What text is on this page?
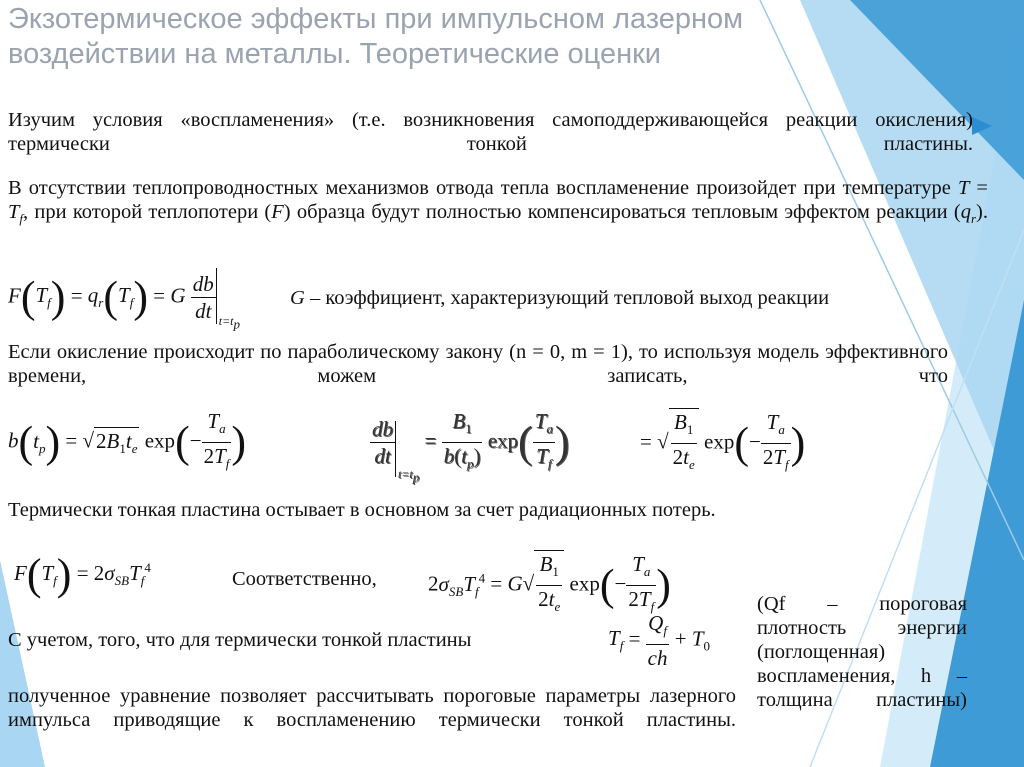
Экзотермическое эффекты при импульсном лазерном воздействии на металлы. Теоретические оценки
Изучим условия «воспламенения» (т.е. возникновения самоподдерживающейся реакции окисления) термически тонкой пластины.
В отсутствии теплопроводностных механизмов отвода тепла воспламенение произойдет при температуре $T = T_f$, при которой теплопотери (F) образца будут полностью компенсироваться тепловым эффектом реакции $(q_r)$.
$F(T_f) = q_r(T_f) = G \frac{db}{dt} t=t_p$
G – коэффициент, характеризующий тепловой выход реакции
Если окисление происходит по параболическому закону (n = 0, m = 1), то используя модель эффективного времени, можем записать, что
$b(t_p) = √2B_1t_e$ $\exp(- \frac{T_a}{2T_f}$ )	$\frac{db}{dt}$
$t=t_p = \frac{B_1}{b(t_p)} \exp( \frac{T_a}{T_f}$ )	= √ $\frac{B_1}{2t_e} \exp(- \frac{T_a}{2T_f}$ )
Термически тонкая пластина остывает в основном за счет радиационных потерь.
$F(T_f) = 2\sigma_{SB}T_f^4$
Соответственно, $2\sigma_{SB}T_f^4 = G√ \frac{B_1}{2t_e} \exp(- \frac{T_a}{2T_f}$ )
С учетом, того, что для термически тонкой пластины	$T_f = \frac{Q_f}{ch} + T_0$
(Qf – пороговая плотность энергии (поглощенная) воспламенения, h – толщина пластины)
полученное уравнение позволяет рассчитывать пороговые параметры лазерного импульса приводящие к воспламенению термически тонкой пластины.
